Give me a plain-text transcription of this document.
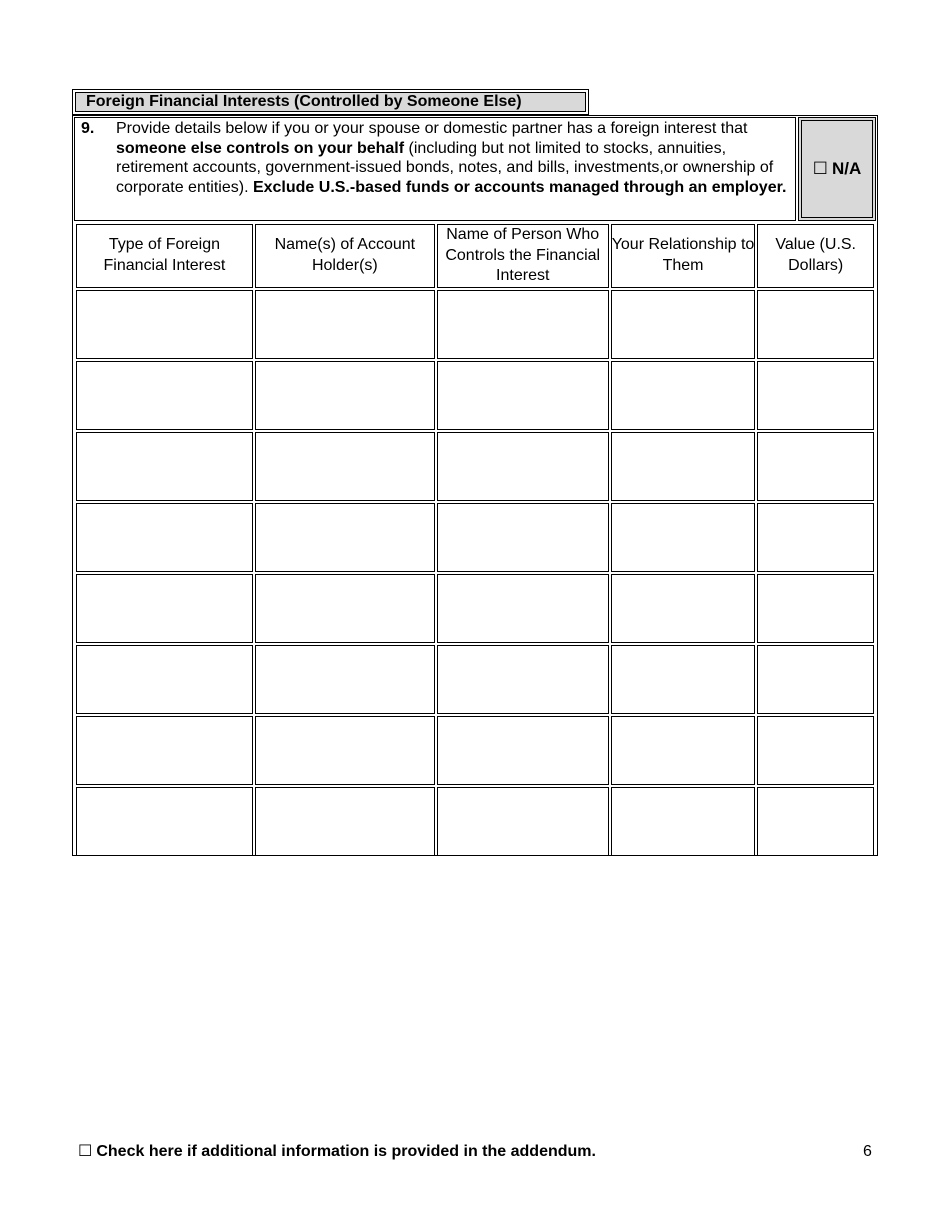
Foreign Financial Interests (Controlled by Someone Else)
9. Provide details below if you or your spouse or domestic partner has a foreign interest that someone else controls on your behalf (including but not limited to stocks, annuities, retirement accounts, government-issued bonds, notes, and bills, investments,or ownership of corporate entities). Exclude U.S.-based funds or accounts managed through an employer.
☐ N/A
Type of Foreign Financial Interest	Name(s) of Account Holder(s)	Name of Person Who Controls the Financial Interest	Your Relationship to Them	Value (U.S. Dollars)

☐ Check here if additional information is provided in the addendum.	6
